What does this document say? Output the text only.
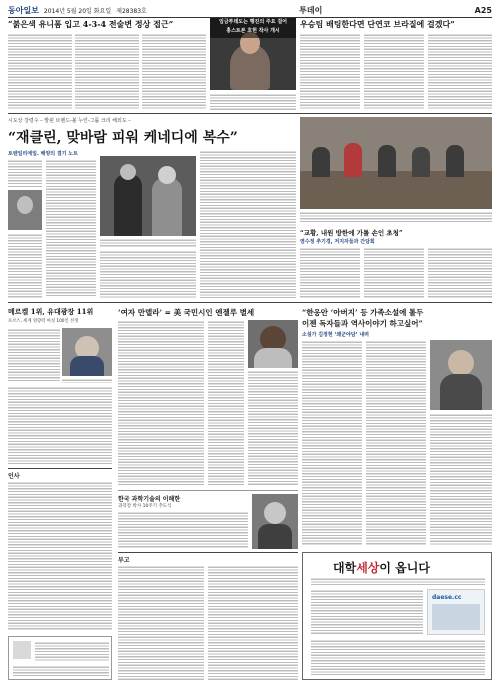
동아일보 2014년 5월 20일 화요일 제28383호	투데이	A25
“붉은색 유니폼 입고 4-3-4 전술변 정상 접근”	임금투데도는 행진의 주요 걸어
홍스트본 호헌 작사 개시
우승팀 배팅한다면 단연코 브라질에 걸겠다”
시도상 강령수 – 발핀 브렌드-볼 누린-그룹 크리 해외도 –
“재클린, 맞바람 피워 케네디에 복수”
토렌일리에일. 해양의 결기 노트
“교황, 내원 방한에 가톨 손인 초청”
염수정 추기경, 저지자들과 간담회
메르켈 1위, 유대광장 11위
포브스, 세계 영향력 여성 100인 선정
‘여자 만델라’ = 美 국민시인 엔젤루 별세
한국 과학기술의 이해한
과학강 박사 10주기 추도식
“한옹안 ‘아버지’ 등 가족소설에 톨두
이젠 독자들과 역사이야기 하고싶어”
소설가 김정현 ‘왜군야담’ 내려
인사
부고
대학세상이 옵니다
daese.cc
